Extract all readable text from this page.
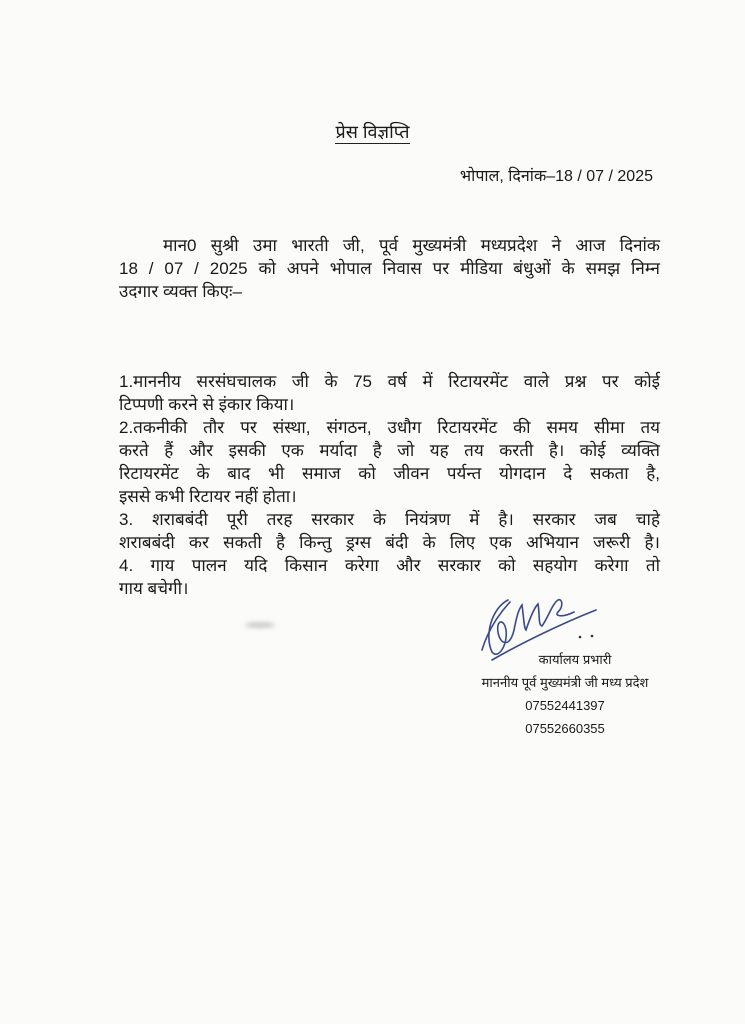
प्रेस विज्ञप्ति
भोपाल, दिनांक–18 / 07 / 2025
मान0 सुश्री उमा भारती जी, पूर्व मुख्यमंत्री मध्यप्रदेश ने आज दिनांक
18 / 07 / 2025 को अपने भोपाल निवास पर मीडिया बंधुओं के समझ निम्न
उदगार व्यक्त किएः–
1.माननीय सरसंघचालक जी के 75 वर्ष में रिटायरमेंट वाले प्रश्न पर कोई
टिप्पणी करने से इंकार किया।
2.तकनीकी तौर पर संस्था, संगठन, उधौग रिटायरमेंट की समय सीमा तय
करते हैं और इसकी एक मर्यादा है जो यह तय करती है। कोई व्यक्ति
रिटायरमेंट के बाद भी समाज को जीवन पर्यन्त योगदान दे सकता है,
इससे कभी रिटायर नहीं होता।
3. शराबबंदी पूरी तरह सरकार के नियंत्रण में है। सरकार जब चाहे
शराबबंदी कर सकती है किन्तु ड्रग्स बंदी के लिए एक अभियान जरूरी है।
4. गाय पालन यदि किसान करेगा और सरकार को सहयोग करेगा तो
गाय बचेगी।
कार्यालय प्रभारी
माननीय पूर्व मुख्यमंत्री जी मध्य प्रदेश
07552441397
07552660355
